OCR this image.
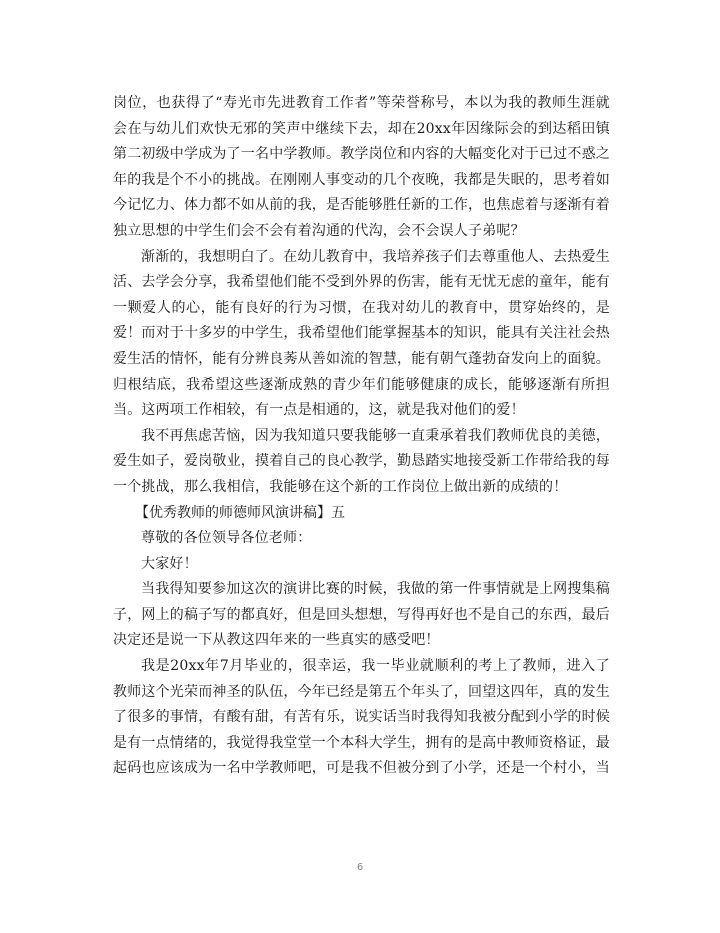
岗位，也获得了“寿光市先进教育工作者”等荣誉称号，本以为我的教师生涯就会在与幼儿们欢快无邪的笑声中继续下去，却在20xx年因缘际会的到达稻田镇第二初级中学成为了一名中学教师。教学岗位和内容的大幅变化对于已过不惑之年的我是个不小的挑战。在刚刚人事变动的几个夜晚，我都是失眠的，思考着如今记忆力、体力都不如从前的我，是否能够胜任新的工作，也焦虑着与逐渐有着独立思想的中学生们会不会有着沟通的代沟，会不会误人子弟呢？

渐渐的，我想明白了。在幼儿教育中，我培养孩子们去尊重他人、去热爱生活、去学会分享，我希望他们能不受到外界的伤害，能有无忧无虑的童年，能有一颗爱人的心，能有良好的行为习惯，在我对幼儿的教育中，贯穿始终的，是爱！而对于十多岁的中学生，我希望他们能掌握基本的知识，能具有关注社会热爱生活的情怀，能有分辨良莠从善如流的智慧，能有朝气蓬勃奋发向上的面貌。归根结底，我希望这些逐渐成熟的青少年们能够健康的成长，能够逐渐有所担当。这两项工作相较，有一点是相通的，这，就是我对他们的爱！

我不再焦虑苦恼，因为我知道只要我能够一直秉承着我们教师优良的美德，爱生如子，爱岗敬业，摸着自己的良心教学，勤恳踏实地接受新工作带给我的每一个挑战，那么我相信，我能够在这个新的工作岗位上做出新的成绩的！

【优秀教师的师德师风演讲稿】五

尊敬的各位领导各位老师：

大家好！

当我得知要参加这次的演讲比赛的时候，我做的第一件事情就是上网搜集稿子，网上的稿子写的都真好，但是回头想想，写得再好也不是自己的东西，最后决定还是说一下从教这四年来的一些真实的感受吧！

我是20xx年7月毕业的，很幸运，我一毕业就顺利的考上了教师，进入了教师这个光荣而神圣的队伍，今年已经是第五个年头了，回望这四年，真的发生了很多的事情，有酸有甜，有苦有乐，说实话当时我得知我被分配到小学的时候是有一点情绪的，我觉得我堂堂一个本科大学生，拥有的是高中教师资格证，最起码也应该成为一名中学教师吧，可是我不但被分到了小学，还是一个村小，当

6
